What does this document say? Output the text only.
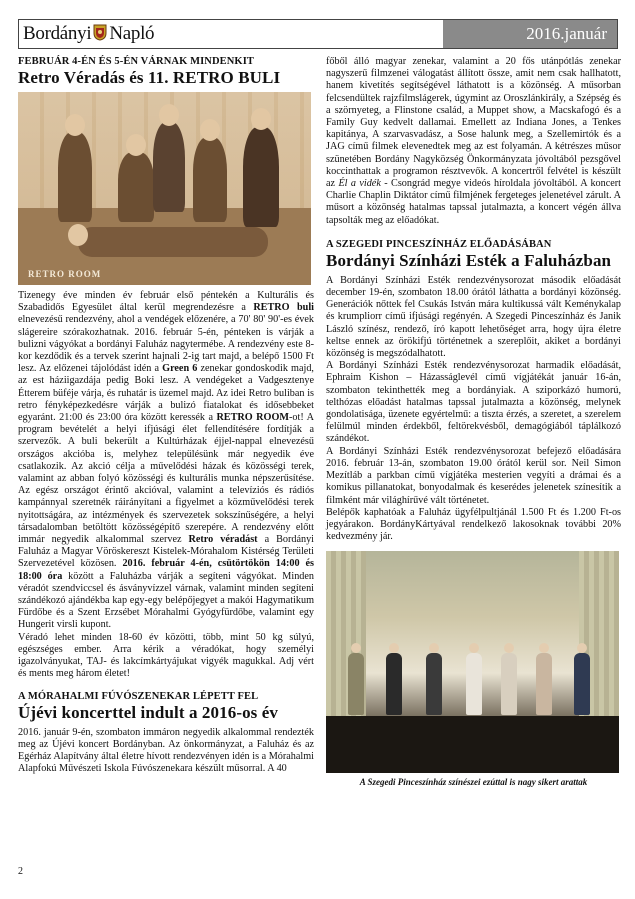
Bordányi Napló	2016.január

FEBRUÁR 4-ÉN ÉS 5-ÉN VÁRNAK MINDENKIT

Retro Véradás és 11. RETRO BULI

RETRO ROOM

Tizenegy éve minden év február első péntekén a Kulturális és Szabadidős Egyesület által kerül megrendezésre a RETRO buli elnevezésű rendezvény, ahol a vendégek előzenére, a 70' 80' 90'-es évek slágereire szórakozhatnak. 2016. február 5-én, pénteken is várják a bulizni vágyókat a bordányi Faluház nagytermébe. A rendezvény este 8-kor kezdődik és a tervek szerint hajnali 2-ig tart majd, a belépő 1500 Ft lesz. Az előzenei tájolódást idén a Green 6 zenekar gondoskodik majd, az est háziigazdája pedig Boki lesz. A vendégeket a Vadgesztenye Étterem büféje várja, és ruhatár is üzemel majd. Az idei Retro buliban is retro fényképezkedésre várják a bulizó fiatalokat és idősebbeket egyaránt. 21:00 és 23:00 óra között keressék a RETRO ROOM-ot! A program bevételét a helyi ifjúsági élet fellendítésére fordítják a szervezők. A buli bekerült a Kultúrházak éjjel-nappal elnevezésű országos akcióba is, melyhez településünk már negyedik éve csatlakozik. Az akció célja a művelődési házak és közösségi terek, valamint az abban folyó közösségi és kulturális munka népszerűsítése. Az egész országot érintő akcióval, valamint a televíziós és rádiós kampánnyal szeretnék ráirányítani a figyelmet a közművelődési terek nyitottságára, az intézmények és szervezetek sokszínűségére, a helyi társadalomban betöltött közösségépítő szerepére. A rendezvény előtt immár negyedik alkalommal szervez Retro véradást a Bordányi Faluház a Magyar Vöröskereszt Kistelek-Mórahalom Kistérség Területi Szervezetével közösen. 2016. február 4-én, csütörtökön 14:00 és 18:00 óra között a Faluházba várják a segíteni vágyókat. Minden véradót szendviccsel és ásványvízzel várnak, valamint minden segíteni szándékozó ajándékba kap egy-egy belépőjegyet a makói Hagymatikum Fürdőbe és a Szent Erzsébet Mórahalmi Gyógyfürdőbe, valamint egy Hungerit virsli kupont.

Véradó lehet minden 18-60 év közötti, több, mint 50 kg súlyú, egészséges ember. Arra kérik a véradókat, hogy személyi igazolványukat, TAJ- és lakcímkártyájukat vigyék magukkal. Adj vért és ments meg három életet!

A MÓRAHALMI FÚVÓSZENEKAR LÉPETT FEL

Újévi koncerttel indult a 2016-os év

2016. január 9-én, szombaton immáron negyedik alkalommal rendezték meg az Újévi koncert Bordányban. Az önkormányzat, a Faluház és az Egérház Alapítvány által életre hívott rendezvényen idén is a Mórahalmi Alapfokú Művészeti Iskola Fúvószenekara készült műsorral. A 40

2

főből álló magyar zenekar, valamint a 20 fős utánpótlás zenekar nagyszerű filmzenei válogatást állított össze, amit nem csak hallhatott, hanem kivetítés segítségével láthatott is a közönség. A műsorban felcsendültek rajzfilmslágerek, úgymint az Oroszlánkirály, a Szépség és a szörnyeteg, a Flinstone család, a Muppet show, a Macskafogó és a Family Guy kedvelt dallamai. Emellett az Indiana Jones, a Tenkes kapitánya, A szarvasvadász, a Sose halunk meg, a Szellemirtók és a JAG című filmek elevenedtek meg az est folyamán. A kétrészes műsor szünetében Bordány Nagyközség Önkormányzata jóvoltából pezsgővel koccinthattak a programon résztvevők. A koncertről felvétel is készült az Él a vidék - Csongrád megye videós híroldala jóvoltából. A koncert Charlie Chaplin Diktátor című filmjének fergeteges jelenetével zárult. A műsort a közönség hatalmas tapssal jutalmazta, a koncert végén állva tapsolták meg az előadókat.

A SZEGEDI PINCESZÍNHÁZ ELŐADÁSÁBAN

Bordányi Színházi Esték a Faluházban

A Bordányi Színházi Esték rendezvénysorozat második előadását december 19-én, szombaton 18.00 órától láthatta a bordányi közönség. Generációk nőttek fel Csukás István mára kultikussá vált Keménykalap és krumpliorr című ifjúsági regényén. A Szegedi Pinceszínház és Janik László színész, rendező, író kapott lehetőséget arra, hogy újra életre keltse ennek az örökifjú történetnek a szereplőit, akiket a bordányi közönség is megszódalhatott.

A Bordányi Színházi Esték rendezvénysorozat harmadik előadását, Ephraim Kishon – Házasságlevél című vígjátékát január 16-án, szombaton tekinthették meg a bordányiak. A sziporkázó humorú, telthózas előadást hatalmas tapssal jutalmazta a közönség, melynek gondolatisága, üzenete egyértelmű: a tiszta érzés, a szeretet, a szerelem felülmúl minden érdekből, feltörekvésből, demagógiából táplálkozó szándékot.

A Bordányi Színházi Esték rendezvénysorozat befejező előadására 2016. február 13-án, szombaton 19.00 órától kerül sor. Neil Simon Mezítláb a parkban című vígjátéka mesterien vegyíti a drámai és a komikus pillanatokat, bonyodalmak és keserédes jelenetek színesítik a filmként már világhírűvé vált történetet.

Belépők kaphatóak a Faluház ügyfélpultjánál 1.500 Ft és 1.200 Ft-os jegyárakon. BordányKártyával rendelkező lakosoknak további 20% kedvezmény jár.

A Szegedi Pinceszínház színészei ezúttal is nagy sikert arattak
